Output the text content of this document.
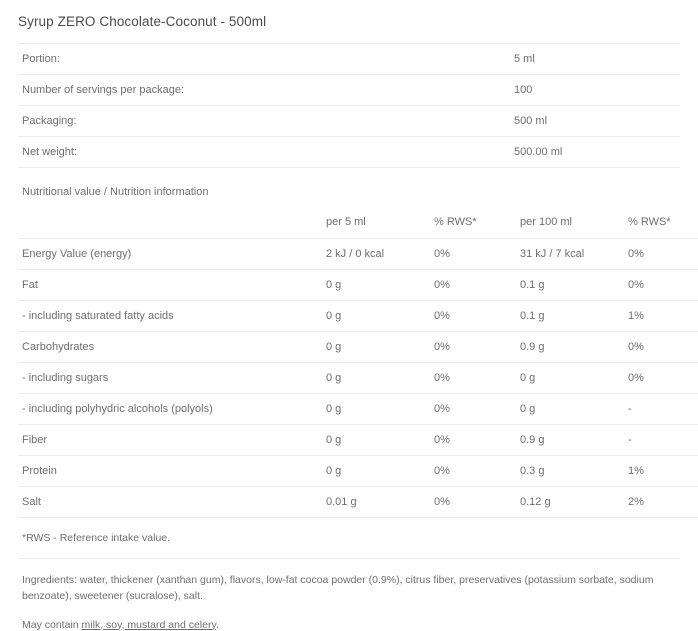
Syrup ZERO Chocolate-Coconut - 500ml
Portion:	5 ml
Number of servings per package:	100
Packaging:	500 ml
Net weight:	500.00 ml
Nutritional value / Nutrition information
	per 5 ml	% RWS*	per 100 ml	% RWS*
Energy Value (energy)	2 kJ / 0 kcal	0%	31 kJ / 7 kcal	0%
Fat	0 g	0%	0.1 g	0%
- including saturated fatty acids	0 g	0%	0.1 g	1%
Carbohydrates	0 g	0%	0.9 g	0%
- including sugars	0 g	0%	0 g	0%
- including polyhydric alcohols (polyols)	0 g	0%	0 g	-
Fiber	0 g	0%	0.9 g	-
Protein	0 g	0%	0.3 g	1%
Salt	0.01 g	0%	0.12 g	2%
*RWS - Reference intake value.
Ingredients: water, thickener (xanthan gum), flavors, low-fat cocoa powder (0.9%), citrus fiber, preservatives (potassium sorbate, sodium benzoate), sweetener (sucralose), salt.
May contain milk, soy, mustard and celery.
